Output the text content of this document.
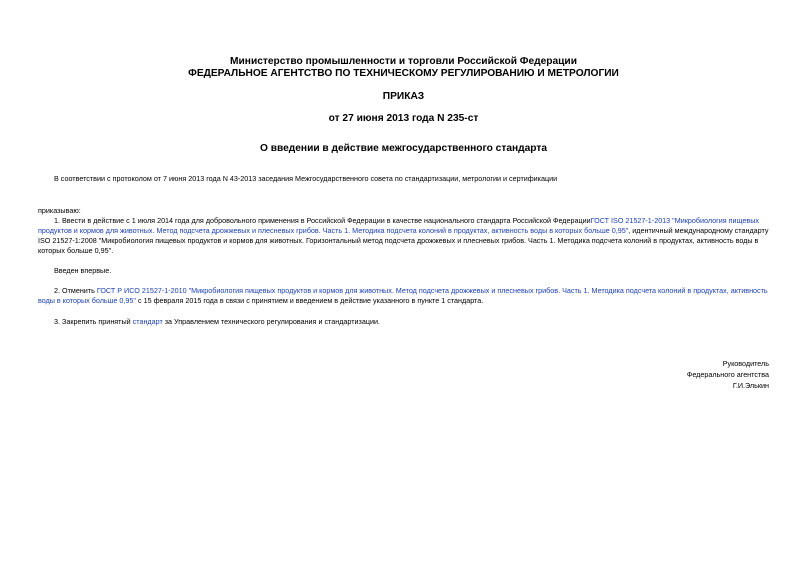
Министерство промышленности и торговли Российской Федерации
ФЕДЕРАЛЬНОЕ АГЕНТСТВО ПО ТЕХНИЧЕСКОМУ РЕГУЛИРОВАНИЮ И МЕТРОЛОГИИ
ПРИКАЗ
от 27 июня 2013 года N 235-ст
О введении в действие межгосударственного стандарта
В соответствии с протоколом от 7 июня 2013 года N 43-2013 заседания Межгосударственного совета по стандартизации, метрологии и сертификации
приказываю:
1. Ввести в действие с 1 июля 2014 года для добровольного применения в Российской Федерации в качестве национального стандарта Российской ФедерацииГОСТ ISO 21527-1-2013 "Микробиология пищевых
продуктов и кормов для животных. Метод подсчета дрожжевых и плесневых грибов. Часть 1. Методика подсчета колоний в продуктах, активность воды в которых больше 0,95", идентичный международному стандарту
ISO 21527-1:2008 "Микробиология пищевых продуктов и кормов для животных. Горизонтальный метод подсчета дрожжевых и плесневых грибов. Часть 1. Методика подсчета колоний в продуктах, активность воды в
которых больше 0,95".
Введен впервые.
2. Отменить ГОСТ Р ИСО 21527-1-2010 "Микробиология пищевых продуктов и кормов для животных. Метод подсчета дрожжевых и плесневых грибов. Часть 1. Методика подсчета колоний в продуктах, активность
воды в которых больше 0,95" с 15 февраля 2015 года в связи с принятием и введением в действие указанного в пункте 1 стандарта.
3. Закрепить принятый стандарт за Управлением технического регулирования и стандартизации.
Руководитель
Федерального агентства
Г.И.Элькин
